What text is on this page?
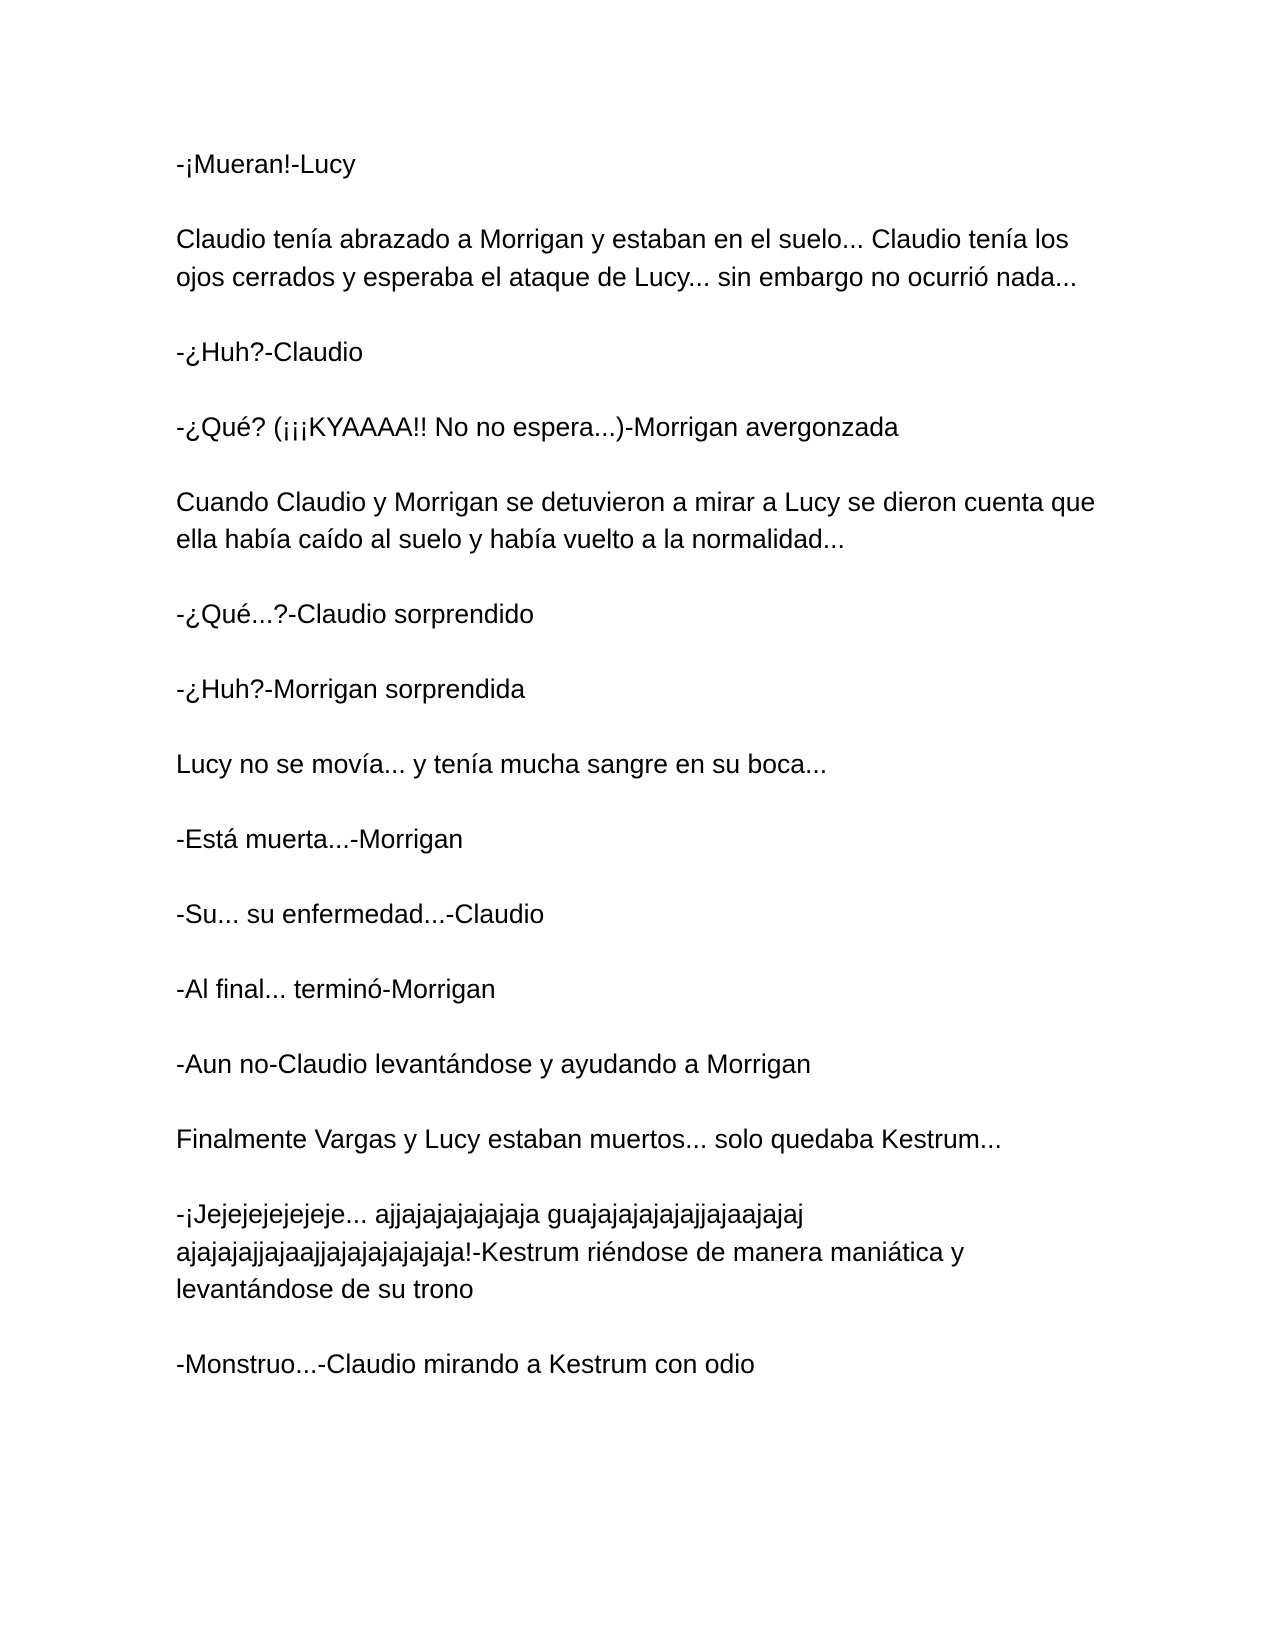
-¡Mueran!-Lucy

Claudio tenía abrazado a Morrigan y estaban en el suelo... Claudio tenía los ojos cerrados y esperaba el ataque de Lucy... sin embargo no ocurrió nada...

-¿Huh?-Claudio

-¿Qué? (¡¡¡KYAAAA!! No no espera...)-Morrigan avergonzada

Cuando Claudio y Morrigan se detuvieron a mirar a Lucy se dieron cuenta que ella había caído al suelo y había vuelto a la normalidad...

-¿Qué...?-Claudio sorprendido

-¿Huh?-Morrigan sorprendida

Lucy no se movía... y tenía mucha sangre en su boca...

-Está muerta...-Morrigan

-Su... su enfermedad...-Claudio

-Al final... terminó-Morrigan

-Aun no-Claudio levantándose y ayudando a Morrigan

Finalmente Vargas y Lucy estaban muertos... solo quedaba Kestrum...

-¡Jejejejejejeje... ajjajajajajajaja guajajajajajajjajaajajaj ajajajajjajaajjajajajajajaja!-Kestrum riéndose de manera maniática y levantándose de su trono

-Monstruo...-Claudio mirando a Kestrum con odio
